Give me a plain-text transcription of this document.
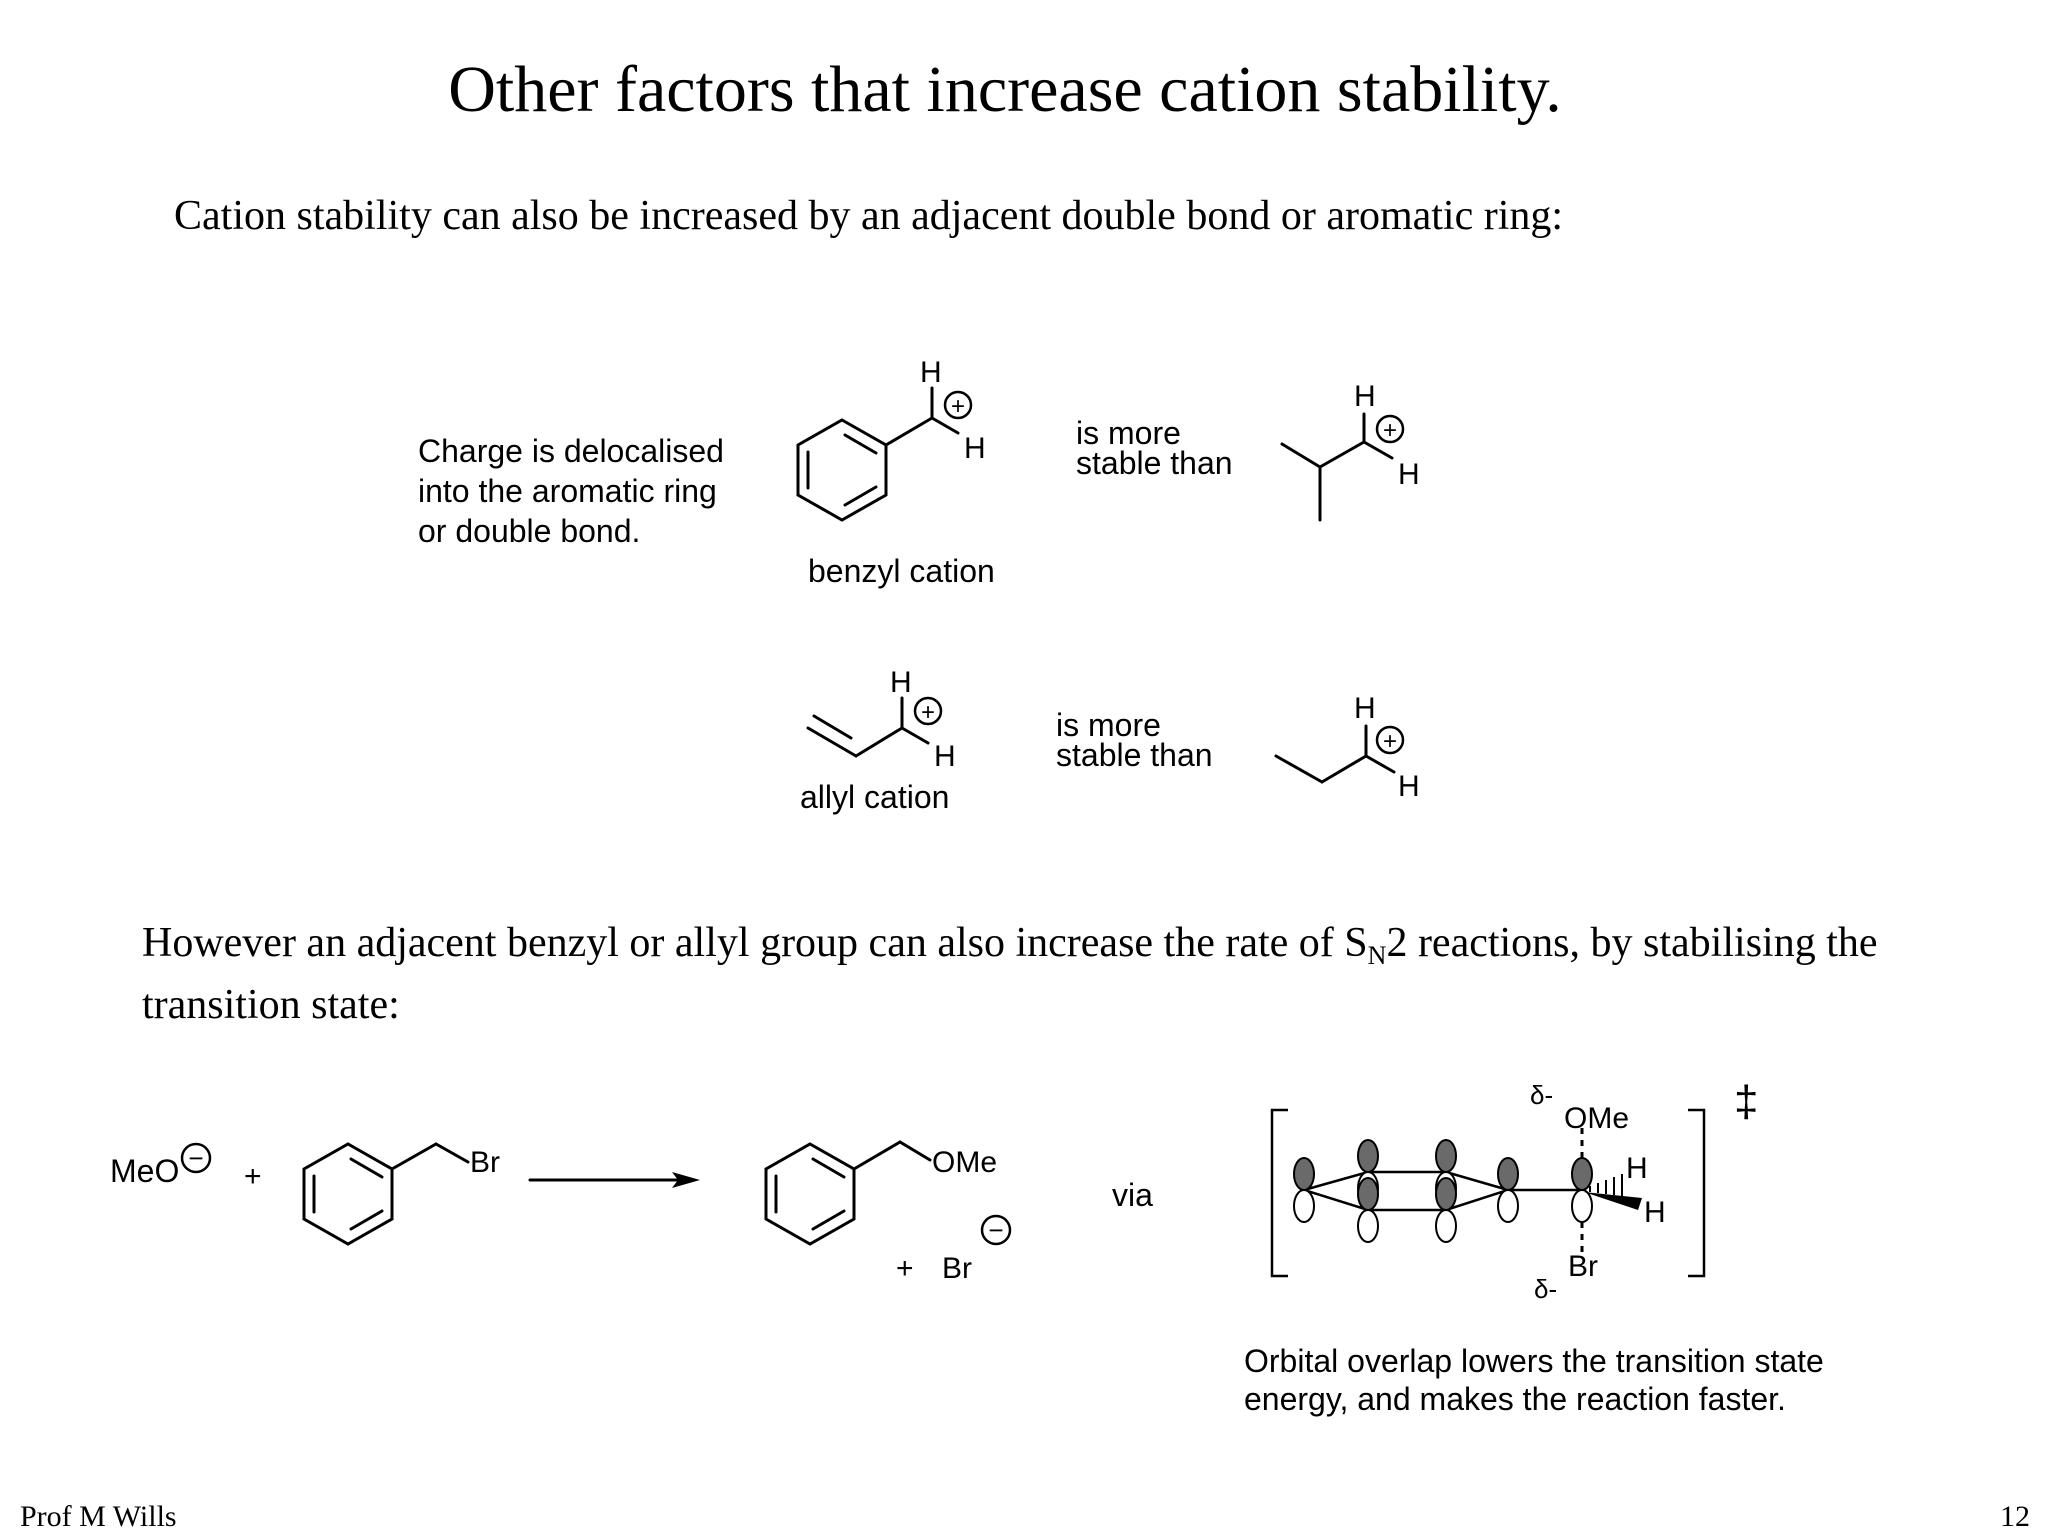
Other factors that increase cation stability.
Cation stability can also be increased by an adjacent double bond or aromatic ring:
However an adjacent benzyl or allyl group can also increase the rate of $S_N2$ reactions, by stabilising the transition state:
Prof M Wills	12
Charge is delocalised
into the aromatic ring
or double bond.
H
H
+
benzyl cation
is more
stable than
H
H
+
H
H
+
allyl cation
is more
stable than
H
H
+
MeO −
+	Br	OMe
+ Br
−
via
‡
δ-
OMe
H
H
Br
δ-
Orbital overlap lowers the transition state
energy, and makes the reaction faster.
